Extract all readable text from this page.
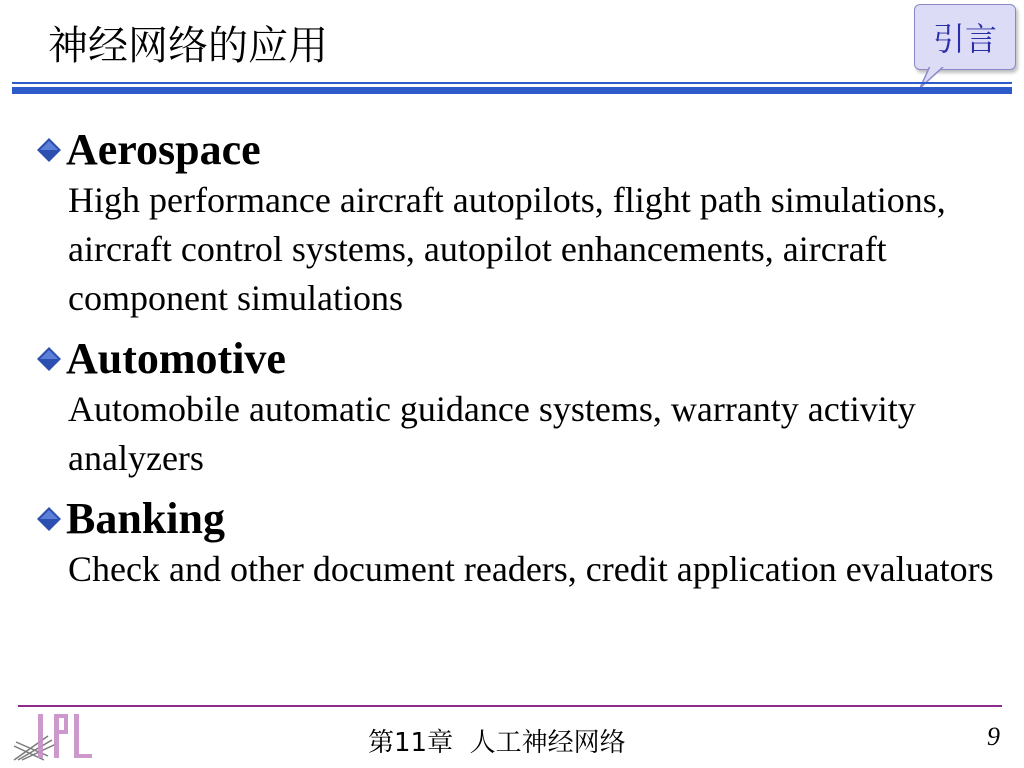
神经网络的应用	引言
Aerospace
High performance aircraft autopilots, flight path simulations, aircraft control systems, autopilot enhancements, aircraft component simulations
Automotive
Automobile automatic guidance systems, warranty activity analyzers
Banking
Check and other document readers, credit application evaluators
第11章  人工神经网络	9
